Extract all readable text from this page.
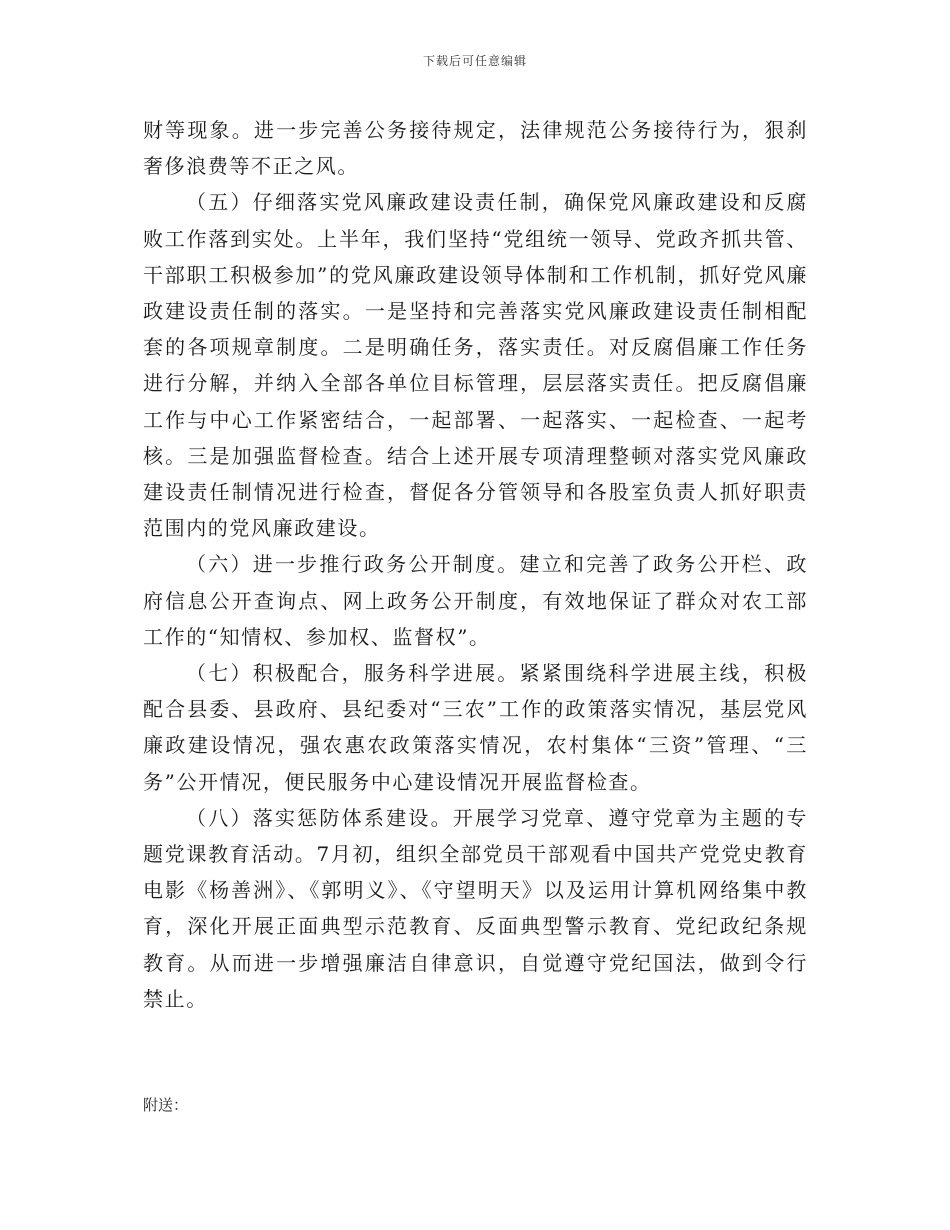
下载后可任意编辑

财等现象。进一步完善公务接待规定，法律规范公务接待行为，狠刹奢侈浪费等不正之风。

（五）仔细落实党风廉政建设责任制，确保党风廉政建设和反腐败工作落到实处。上半年，我们坚持“党组统一领导、党政齐抓共管、干部职工积极参加”的党风廉政建设领导体制和工作机制，抓好党风廉政建设责任制的落实。一是坚持和完善落实党风廉政建设责任制相配套的各项规章制度。二是明确任务，落实责任。对反腐倡廉工作任务进行分解，并纳入全部各单位目标管理，层层落实责任。把反腐倡廉工作与中心工作紧密结合，一起部署、一起落实、一起检查、一起考核。三是加强监督检查。结合上述开展专项清理整顿对落实党风廉政建设责任制情况进行检查，督促各分管领导和各股室负责人抓好职责范围内的党风廉政建设。

（六）进一步推行政务公开制度。建立和完善了政务公开栏、政府信息公开查询点、网上政务公开制度，有效地保证了群众对农工部工作的“知情权、参加权、监督权”。

（七）积极配合，服务科学进展。紧紧围绕科学进展主线，积极配合县委、县政府、县纪委对“三农”工作的政策落实情况，基层党风廉政建设情况，强农惠农政策落实情况，农村集体“三资”管理、“三务”公开情况，便民服务中心建设情况开展监督检查。

（八）落实惩防体系建设。开展学习党章、遵守党章为主题的专题党课教育活动。7月初，组织全部党员干部观看中国共产党党史教育电影《杨善洲》、《郭明义》、《守望明天》以及运用计算机网络集中教育，深化开展正面典型示范教育、反面典型警示教育、党纪政纪条规教育。从而进一步增强廉洁自律意识，自觉遵守党纪国法，做到令行禁止。

附送：
